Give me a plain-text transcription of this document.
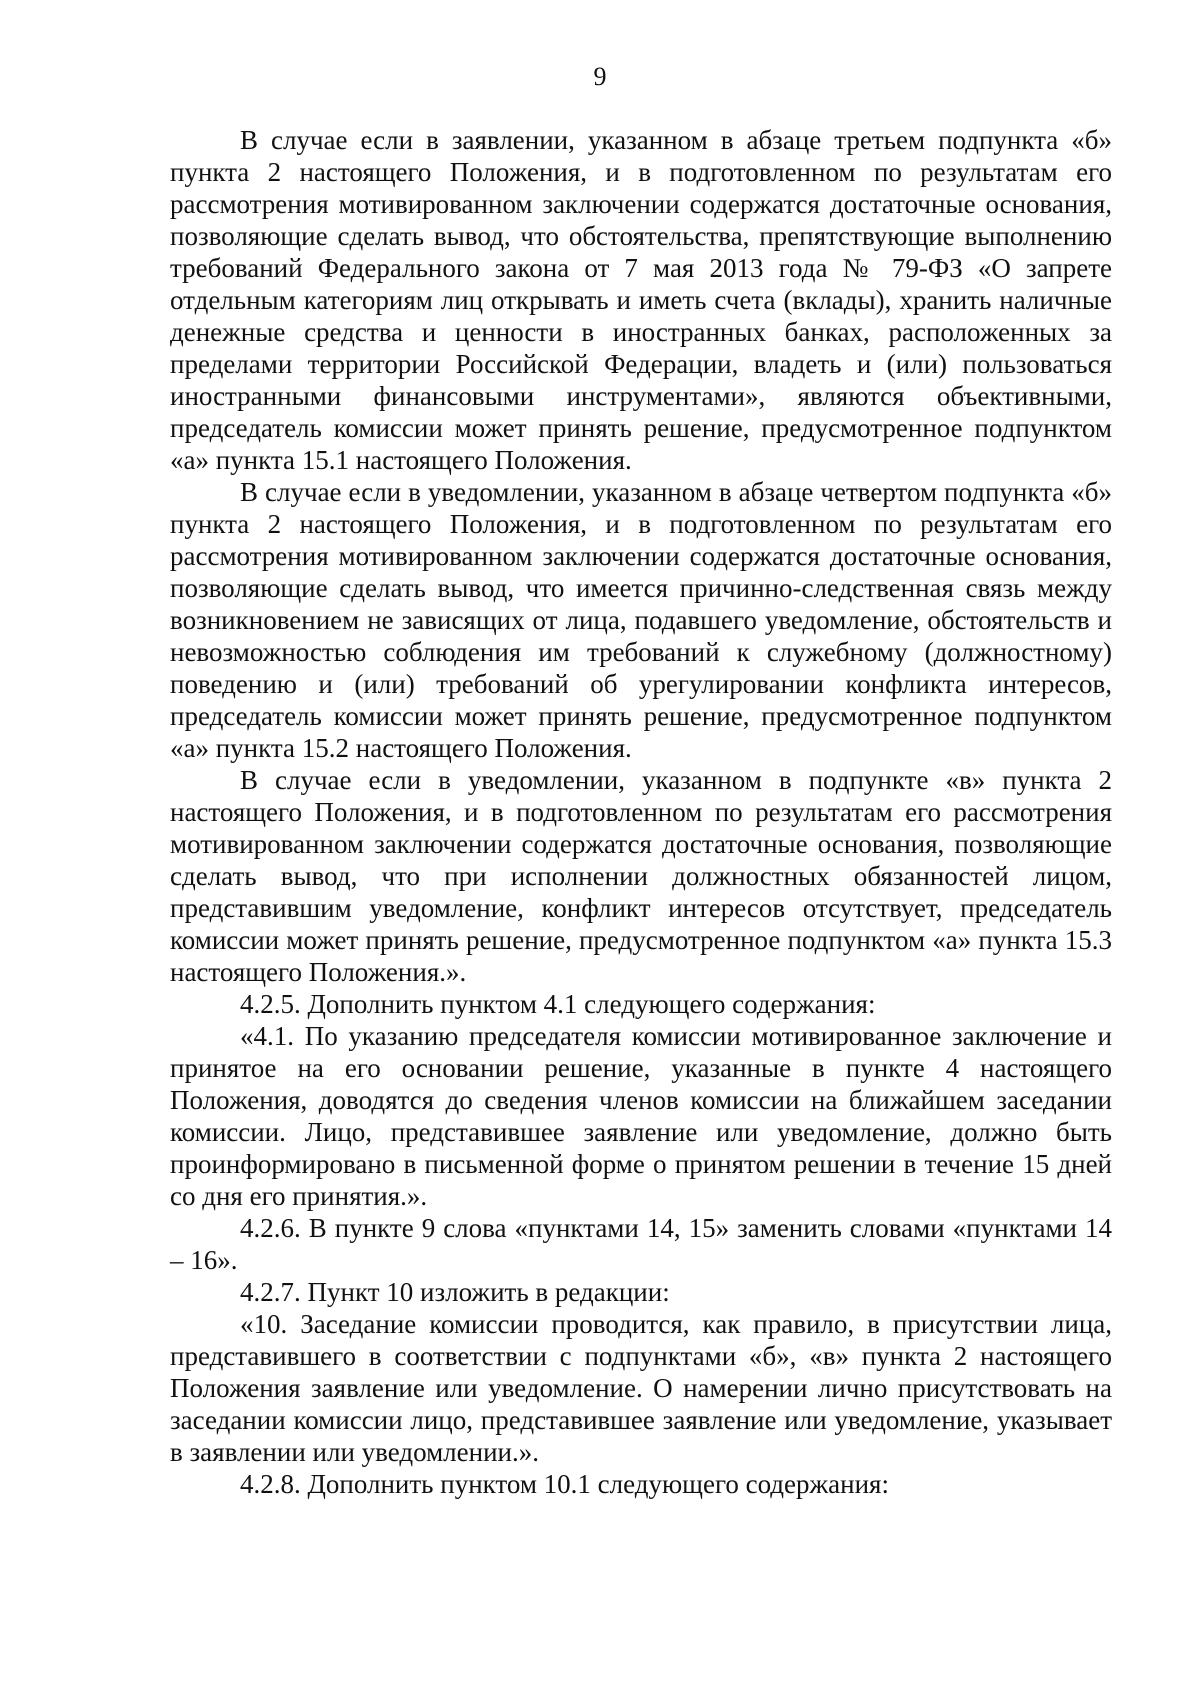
9

В случае если в заявлении, указанном в абзаце третьем подпункта «б» пункта 2 настоящего Положения, и в подготовленном по результатам его рассмотрения мотивированном заключении содержатся достаточные основания, позволяющие сделать вывод, что обстоятельства, препятствующие выполнению требований Федерального закона от 7 мая 2013 года № 79-ФЗ «О запрете отдельным категориям лиц открывать и иметь счета (вклады), хранить наличные денежные средства и ценности в иностранных банках, расположенных за пределами территории Российской Федерации, владеть и (или) пользоваться иностранными финансовыми инструментами», являются объективными, председатель комиссии может принять решение, предусмотренное подпунктом «а» пункта 15.1 настоящего Положения.

В случае если в уведомлении, указанном в абзаце четвертом подпункта «б» пункта 2 настоящего Положения, и в подготовленном по результатам его рассмотрения мотивированном заключении содержатся достаточные основания, позволяющие сделать вывод, что имеется причинно-следственная связь между возникновением не зависящих от лица, подавшего уведомление, обстоятельств и невозможностью соблюдения им требований к служебному (должностному) поведению и (или) требований об урегулировании конфликта интересов, председатель комиссии может принять решение, предусмотренное подпунктом «а» пункта 15.2 настоящего Положения.

В случае если в уведомлении, указанном в подпункте «в» пункта 2 настоящего Положения, и в подготовленном по результатам его рассмотрения мотивированном заключении содержатся достаточные основания, позволяющие сделать вывод, что при исполнении должностных обязанностей лицом, представившим уведомление, конфликт интересов отсутствует, председатель комиссии может принять решение, предусмотренное подпунктом «а» пункта 15.3 настоящего Положения.».

4.2.5. Дополнить пунктом 4.1 следующего содержания:

«4.1. По указанию председателя комиссии мотивированное заключение и принятое на его основании решение, указанные в пункте 4 настоящего Положения, доводятся до сведения членов комиссии на ближайшем заседании комиссии. Лицо, представившее заявление или уведомление, должно быть проинформировано в письменной форме о принятом решении в течение 15 дней со дня его принятия.».

4.2.6. В пункте 9 слова «пунктами 14, 15» заменить словами «пунктами 14 – 16».

4.2.7. Пункт 10 изложить в редакции:

«10. Заседание комиссии проводится, как правило, в присутствии лица, представившего в соответствии с подпунктами «б», «в» пункта 2 настоящего Положения заявление или уведомление. О намерении лично присутствовать на заседании комиссии лицо, представившее заявление или уведомление, указывает в заявлении или уведомлении.».

4.2.8. Дополнить пунктом 10.1 следующего содержания:
